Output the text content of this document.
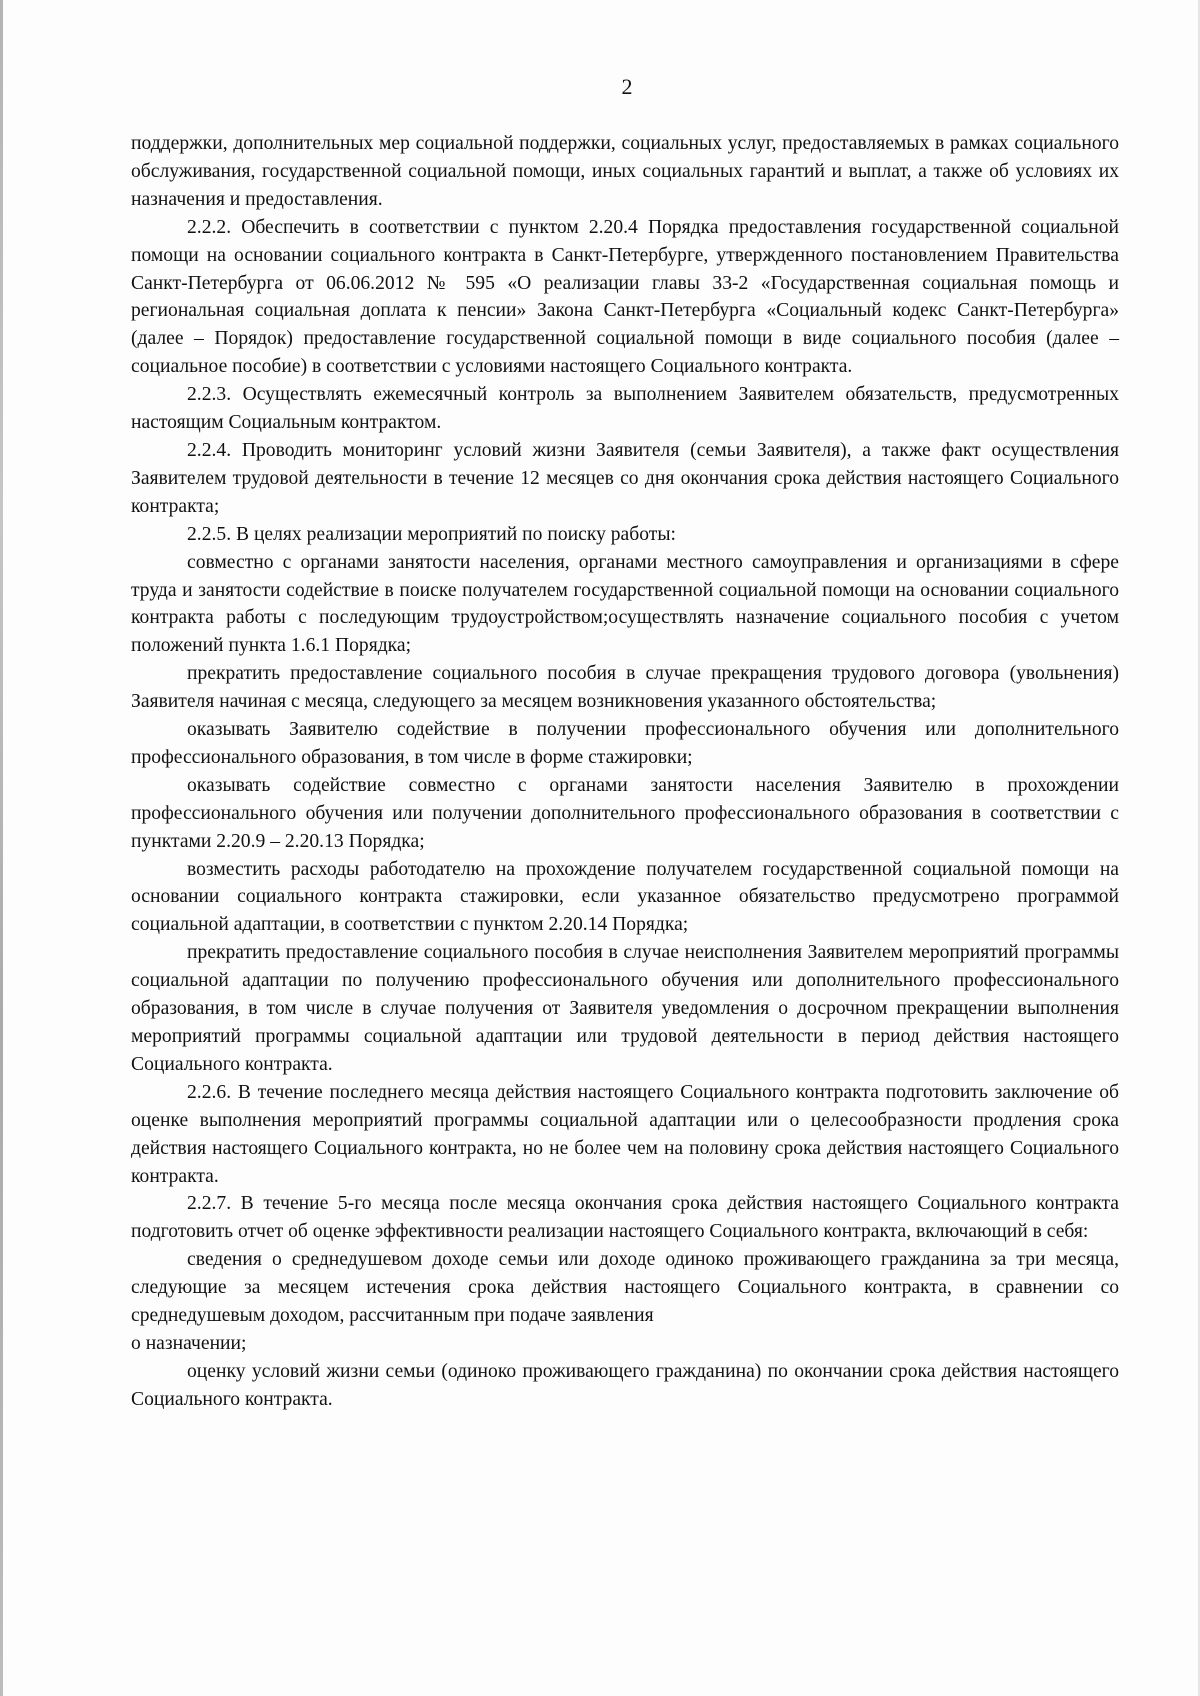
2

поддержки, дополнительных мер социальной поддержки, социальных услуг, предоставляемых в рамках социального обслуживания, государственной социальной помощи, иных социальных гарантий и выплат, а также об условиях их назначения и предоставления.

2.2.2. Обеспечить в соответствии с пунктом 2.20.4 Порядка предоставления государственной социальной помощи на основании социального контракта в Санкт-Петербурге, утвержденного постановлением Правительства Санкт-Петербурга от 06.06.2012 № 595 «О реализации главы 33-2 «Государственная социальная помощь и региональная социальная доплата к пенсии» Закона Санкт-Петербурга «Социальный кодекс Санкт-Петербурга» (далее – Порядок) предоставление государственной социальной помощи в виде социального пособия (далее – социальное пособие) в соответствии с условиями настоящего Социального контракта.

2.2.3. Осуществлять ежемесячный контроль за выполнением Заявителем обязательств, предусмотренных настоящим Социальным контрактом.

2.2.4. Проводить мониторинг условий жизни Заявителя (семьи Заявителя), а также факт осуществления Заявителем трудовой деятельности в течение 12 месяцев со дня окончания срока действия настоящего Социального контракта;

2.2.5. В целях реализации мероприятий по поиску работы:

совместно с органами занятости населения, органами местного самоуправления и организациями в сфере труда и занятости содействие в поиске получателем государственной социальной помощи на основании социального контракта работы с последующим трудоустройством;осуществлять назначение социального пособия с учетом положений пункта 1.6.1 Порядка;

прекратить предоставление социального пособия в случае прекращения трудового договора (увольнения) Заявителя начиная с месяца, следующего за месяцем возникновения указанного обстоятельства;

оказывать Заявителю содействие в получении профессионального обучения или дополнительного профессионального образования, в том числе в форме стажировки;

оказывать содействие совместно с органами занятости населения Заявителю в прохождении профессионального обучения или получении дополнительного профессионального образования в соответствии с пунктами 2.20.9 – 2.20.13 Порядка;

возместить расходы работодателю на прохождение получателем государственной социальной помощи на основании социального контракта стажировки, если указанное обязательство предусмотрено программой социальной адаптации, в соответствии с пунктом 2.20.14 Порядка;

прекратить предоставление социального пособия в случае неисполнения Заявителем мероприятий программы социальной адаптации по получению профессионального обучения или дополнительного профессионального образования, в том числе в случае получения от Заявителя уведомления о досрочном прекращении выполнения мероприятий программы социальной адаптации или трудовой деятельности в период действия настоящего Социального контракта.

2.2.6. В течение последнего месяца действия настоящего Социального контракта подготовить заключение об оценке выполнения мероприятий программы социальной адаптации или о целесообразности продления срока действия настоящего Социального контракта, но не более чем на половину срока действия настоящего Социального контракта.

2.2.7. В течение 5-го месяца после месяца окончания срока действия настоящего Социального контракта подготовить отчет об оценке эффективности реализации настоящего Социального контракта, включающий в себя:

сведения о среднедушевом доходе семьи или доходе одиноко проживающего гражданина за три месяца, следующие за месяцем истечения срока действия настоящего Социального контракта, в сравнении со среднедушевым доходом, рассчитанным при подаче заявления

о назначении;

оценку условий жизни семьи (одиноко проживающего гражданина) по окончании срока действия настоящего Социального контракта.
